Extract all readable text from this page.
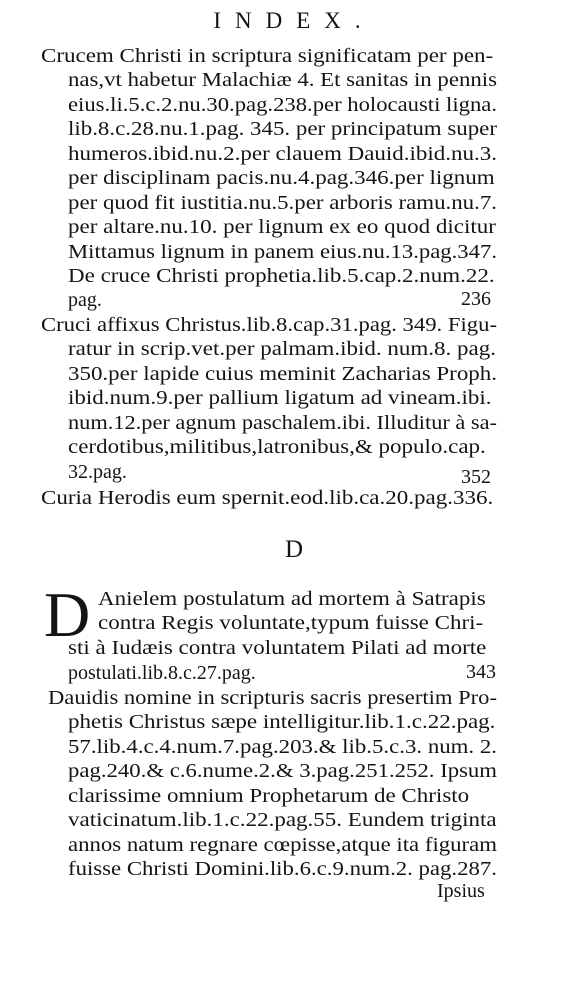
INDEX.
Crucem Christi in scriptura significatam per pen-
nas,vt habetur Malachiæ 4. Et sanitas in pennis
eius.li.5.c.2.nu.30.pag.238.per holocausti ligna.
lib.8.c.28.nu.1.pag. 345. per principatum super
humeros.ibid.nu.2.per clauem Dauid.ibid.nu.3.
per disciplinam pacis.nu.4.pag.346.per lignum
per quod fit iustitia.nu.5.per arboris ramu.nu.7.
per altare.nu.10. per lignum ex eo quod dicitur
Mittamus lignum in panem eius.nu.13.pag.347.
De cruce Christi prophetia.lib.5.cap.2.num.22.
pag.
Cruci affixus Christus.lib.8.cap.31.pag. 349. Figu-
ratur in scrip.vet.per palmam.ibid. num.8. pag.
350.per lapide cuius meminit Zacharias Proph.
ibid.num.9.per pallium ligatum ad vineam.ibi.
num.12.per agnum paschalem.ibi. Illuditur à sa-
cerdotibus,militibus,latronibus,& populo.cap.
32.pag.
Curia Herodis eum spernit.eod.lib.ca.20.pag.336.
236
352
D
D Anielem postulatum ad mortem à Satrapis
contra Regis voluntate,typum fuisse Chri-
sti à Iudæis contra voluntatem Pilati ad morte
postulati.lib.8.c.27.pag.
Dauidis nomine in scripturis sacris presertim Pro-
phetis Christus sæpe intelligitur.lib.1.c.22.pag.
57.lib.4.c.4.num.7.pag.203.& lib.5.c.3. num. 2.
pag.240.& c.6.nume.2.& 3.pag.251.252. Ipsum
clarissime omnium Prophetarum de Christo
vaticinatum.lib.1.c.22.pag.55. Eundem triginta
annos natum regnare cœpisse,atque ita figuram
fuisse Christi Domini.lib.6.c.9.num.2. pag.287.
343
Ipsius
